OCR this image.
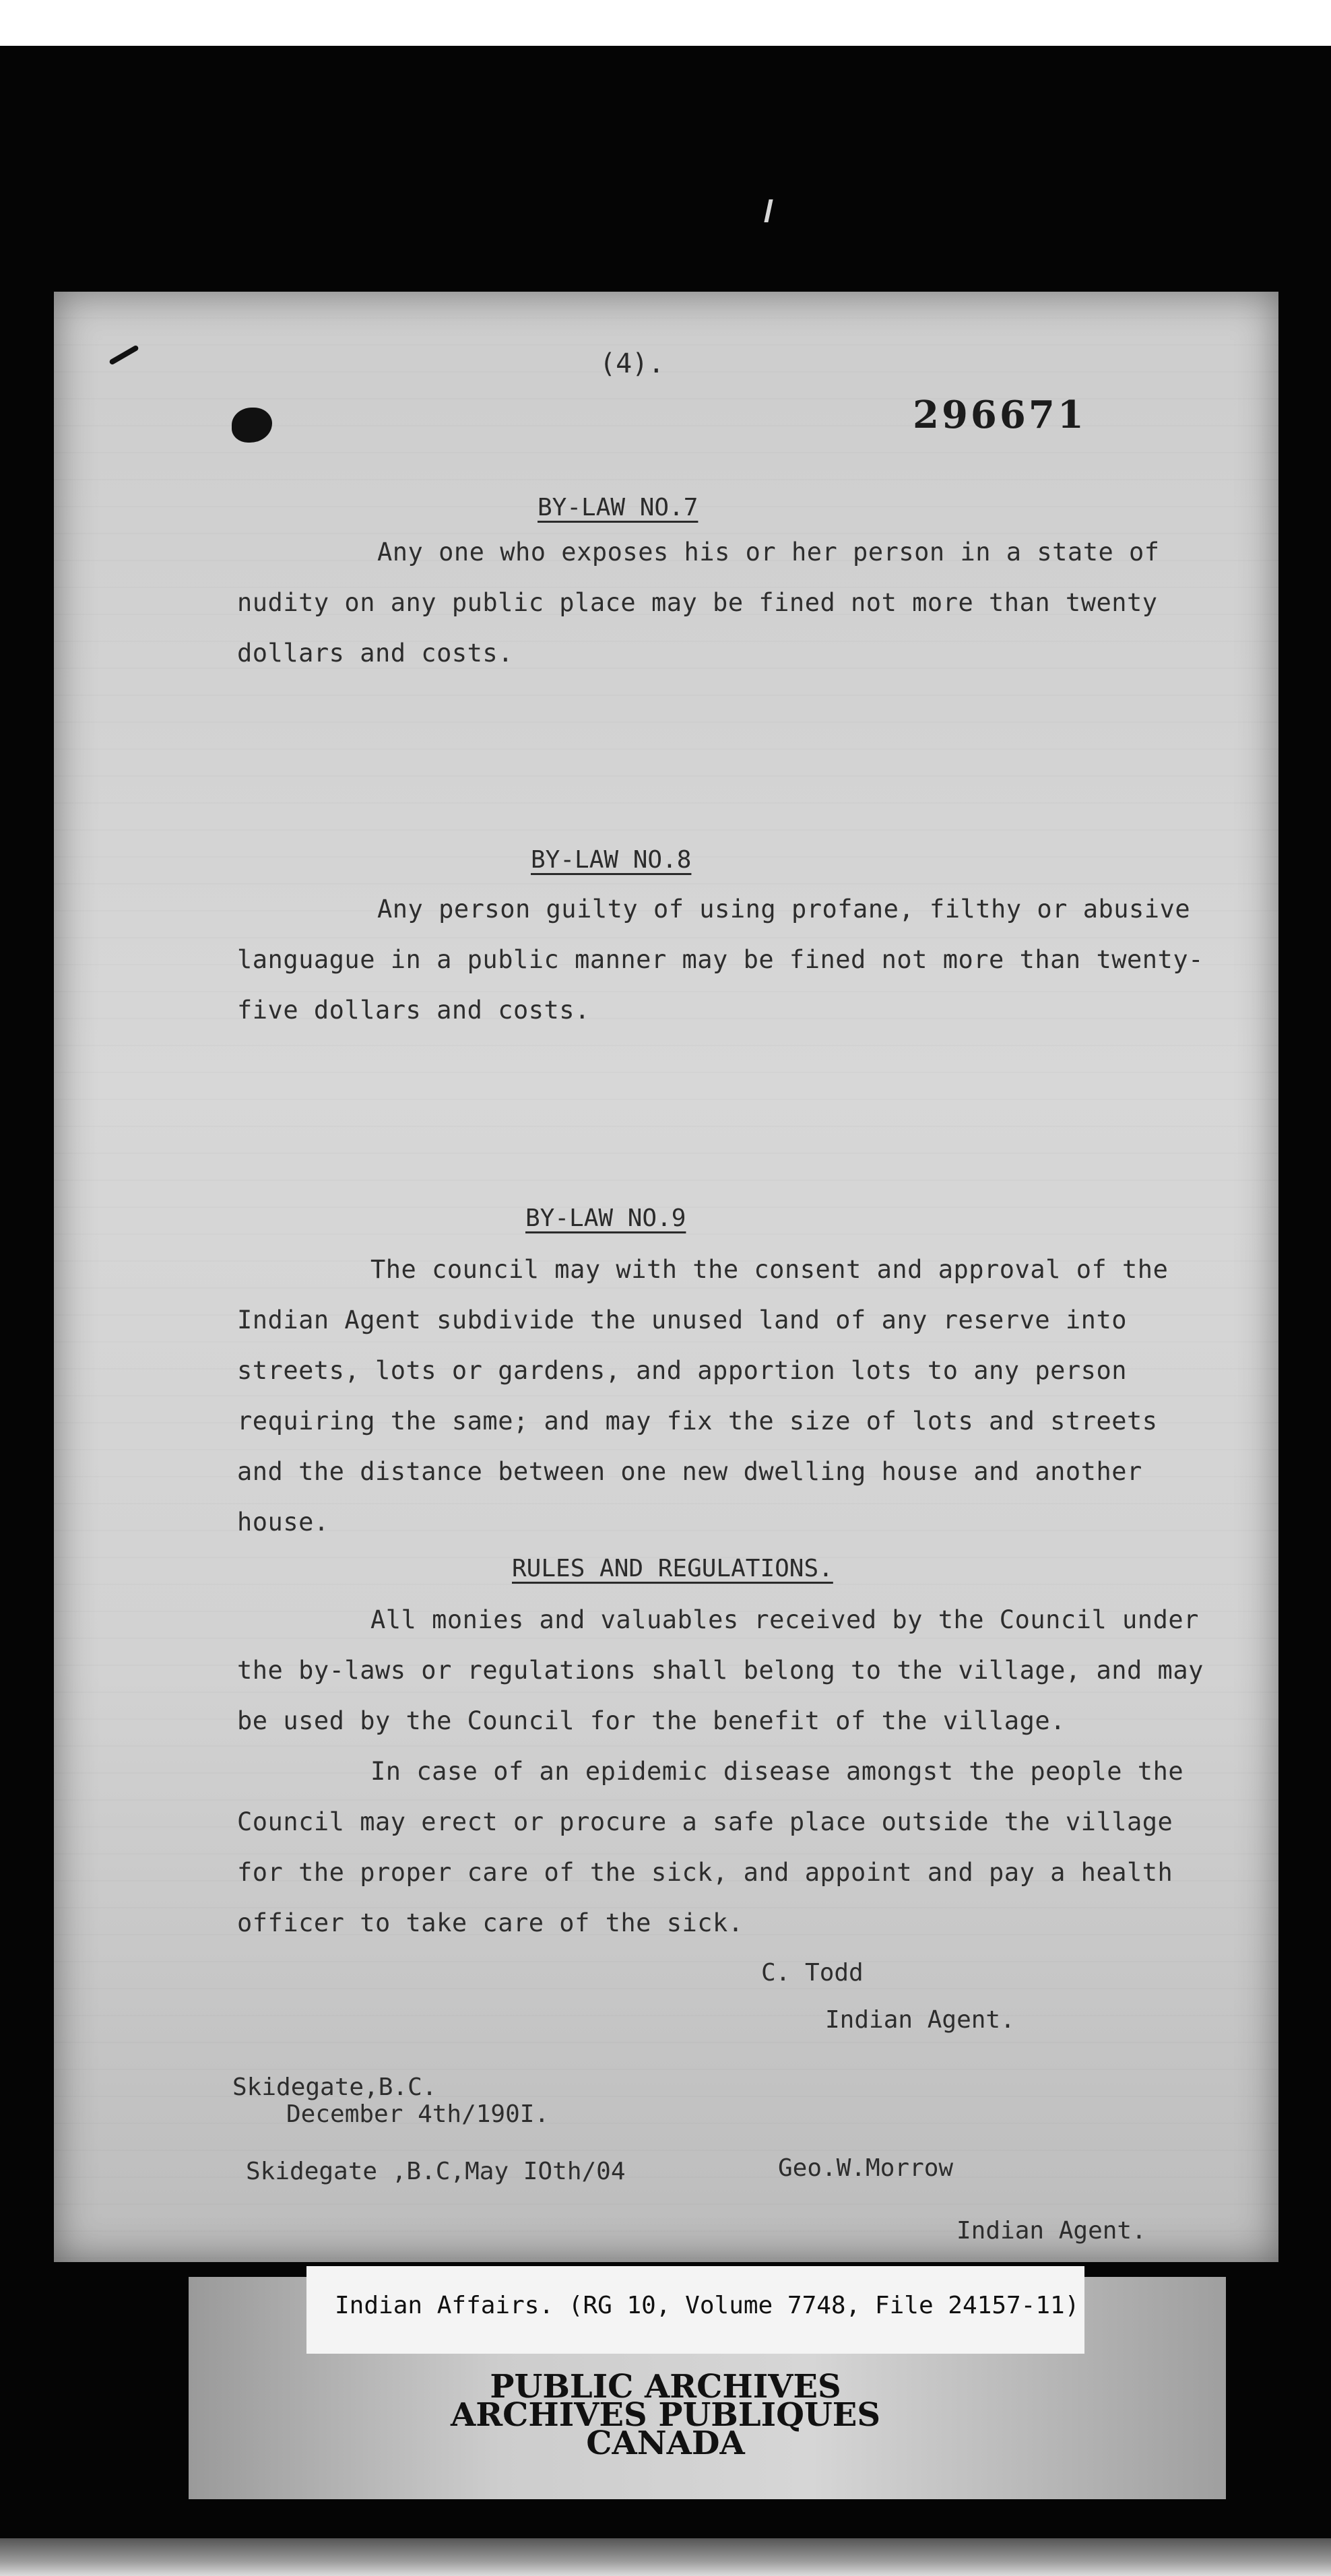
(4).
296671
BY-LAW NO.7
Any one who exposes his or her person in a state of
nudity on any public place may be fined not more than twenty
dollars and costs.
BY-LAW NO.8
Any person guilty of using profane, filthy or abusive
languague in a public manner may be fined not more than twenty-
five dollars and costs.
BY-LAW NO.9
The council may with the consent and approval of the
Indian Agent subdivide the unused land of any reserve into
streets, lots or gardens, and apportion lots to any person
requiring the same; and may fix the size of lots and streets
and the distance between one new dwelling house and another
house.
RULES AND REGULATIONS.
All monies and valuables received by the Council under
the by-laws or regulations shall belong to the village, and may
be used by the Council for the benefit of the village.
In case of an epidemic disease amongst the people the
Council may erect or procure a safe place outside the village
for the proper care of the sick, and appoint and pay a health
officer to take care of the sick.
C. Todd
Indian Agent.
Skidegate,B.C.
December 4th/190I.
Skidegate ,B.C,May IOth/04	Geo.W.Morrow
Indian Agent.
Indian Affairs. (RG 10, Volume 7748, File 24157-11)
PUBLIC ARCHIVES
ARCHIVES PUBLIQUES
CANADA
